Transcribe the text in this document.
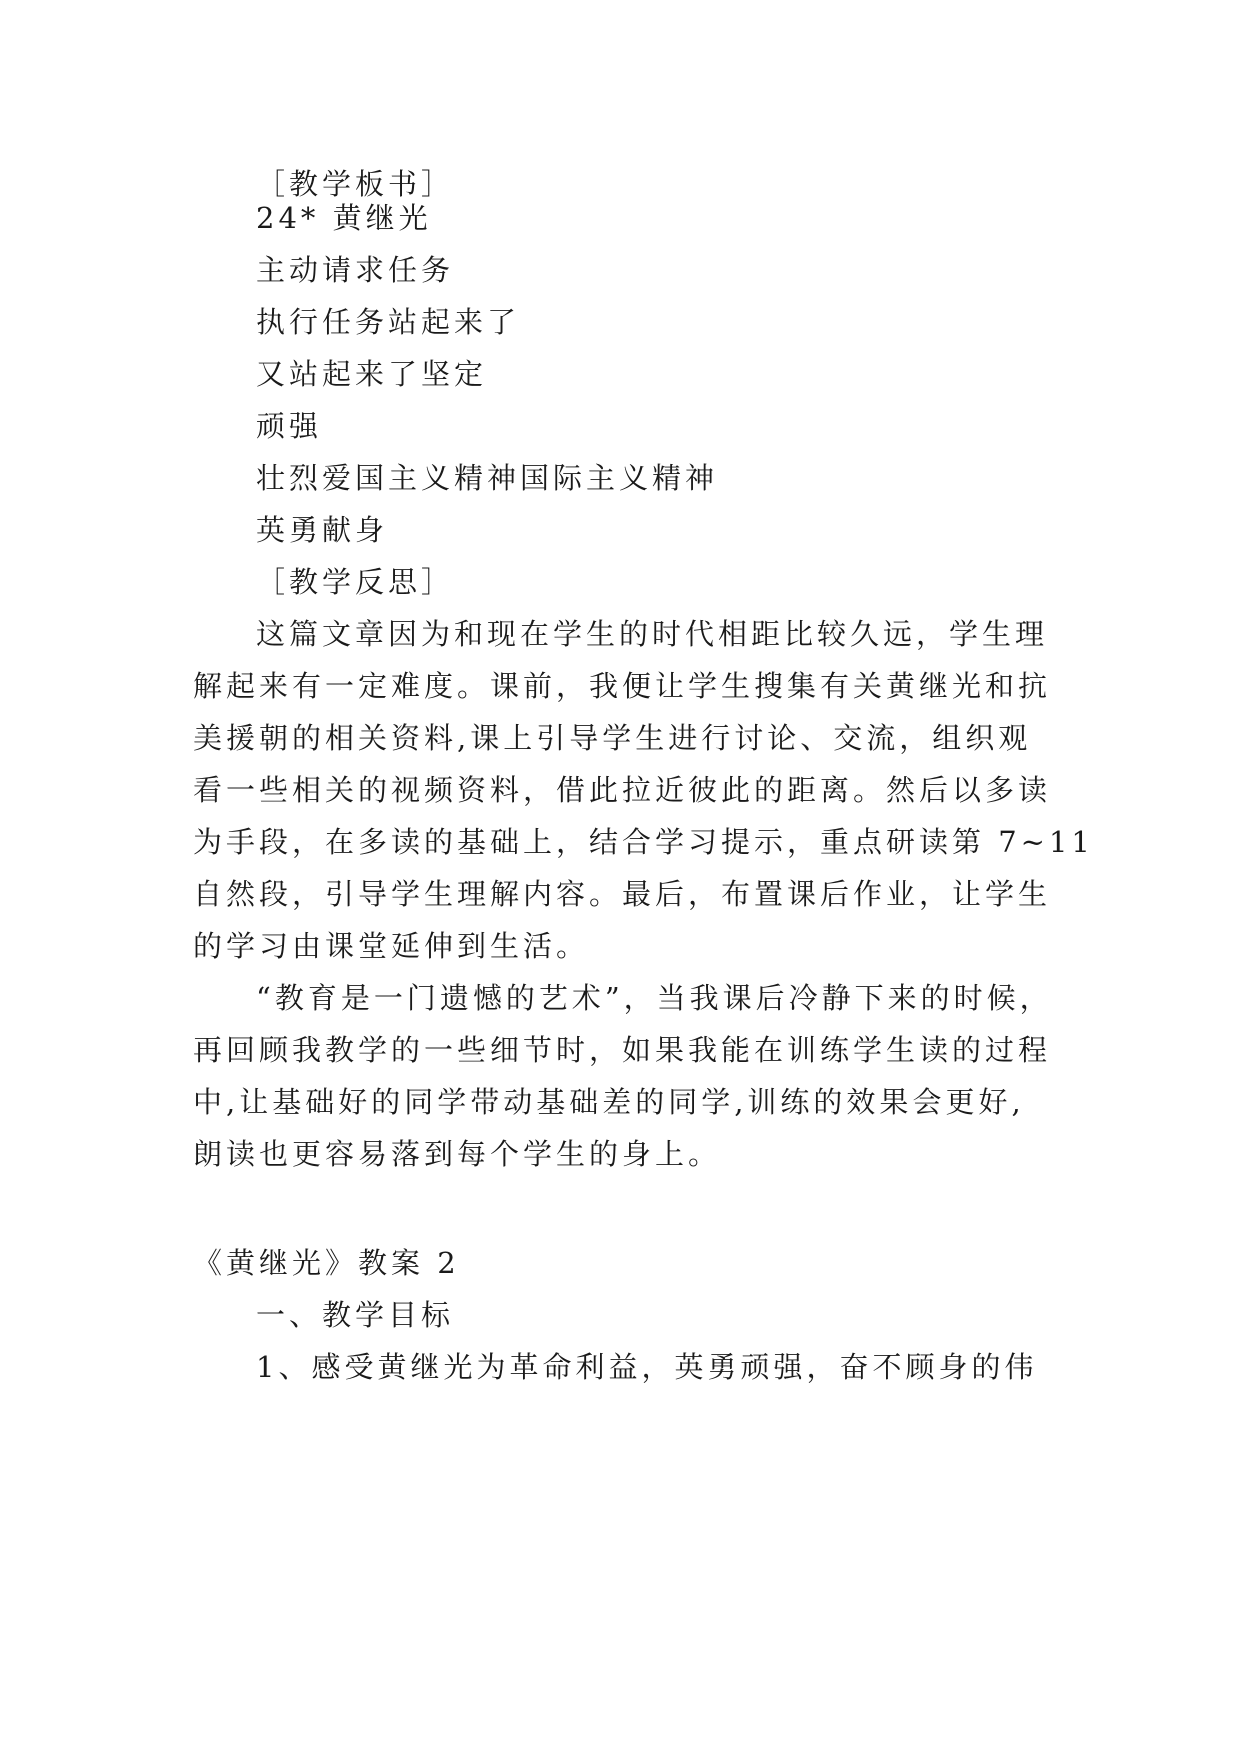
［教学板书］

24* 黄继光

主动请求任务

执行任务站起来了

又站起来了坚定

顽强

壮烈爱国主义精神国际主义精神

英勇献身

［教学反思］

这篇文章因为和现在学生的时代相距比较久远，学生理

解起来有一定难度。课前，我便让学生搜集有关黄继光和抗

美援朝的相关资料,课上引导学生进行讨论、交流，组织观

看一些相关的视频资料，借此拉近彼此的距离。然后以多读

为手段，在多读的基础上，结合学习提示，重点研读第 7~11

自然段，引导学生理解内容。最后，布置课后作业，让学生

的学习由课堂延伸到生活。

“教育是一门遗憾的艺术”，当我课后冷静下来的时候，

再回顾我教学的一些细节时，如果我能在训练学生读的过程

中,让基础好的同学带动基础差的同学,训练的效果会更好,

朗读也更容易落到每个学生的身上。

《黄继光》教案 2

一、教学目标

1、感受黄继光为革命利益，英勇顽强，奋不顾身的伟
